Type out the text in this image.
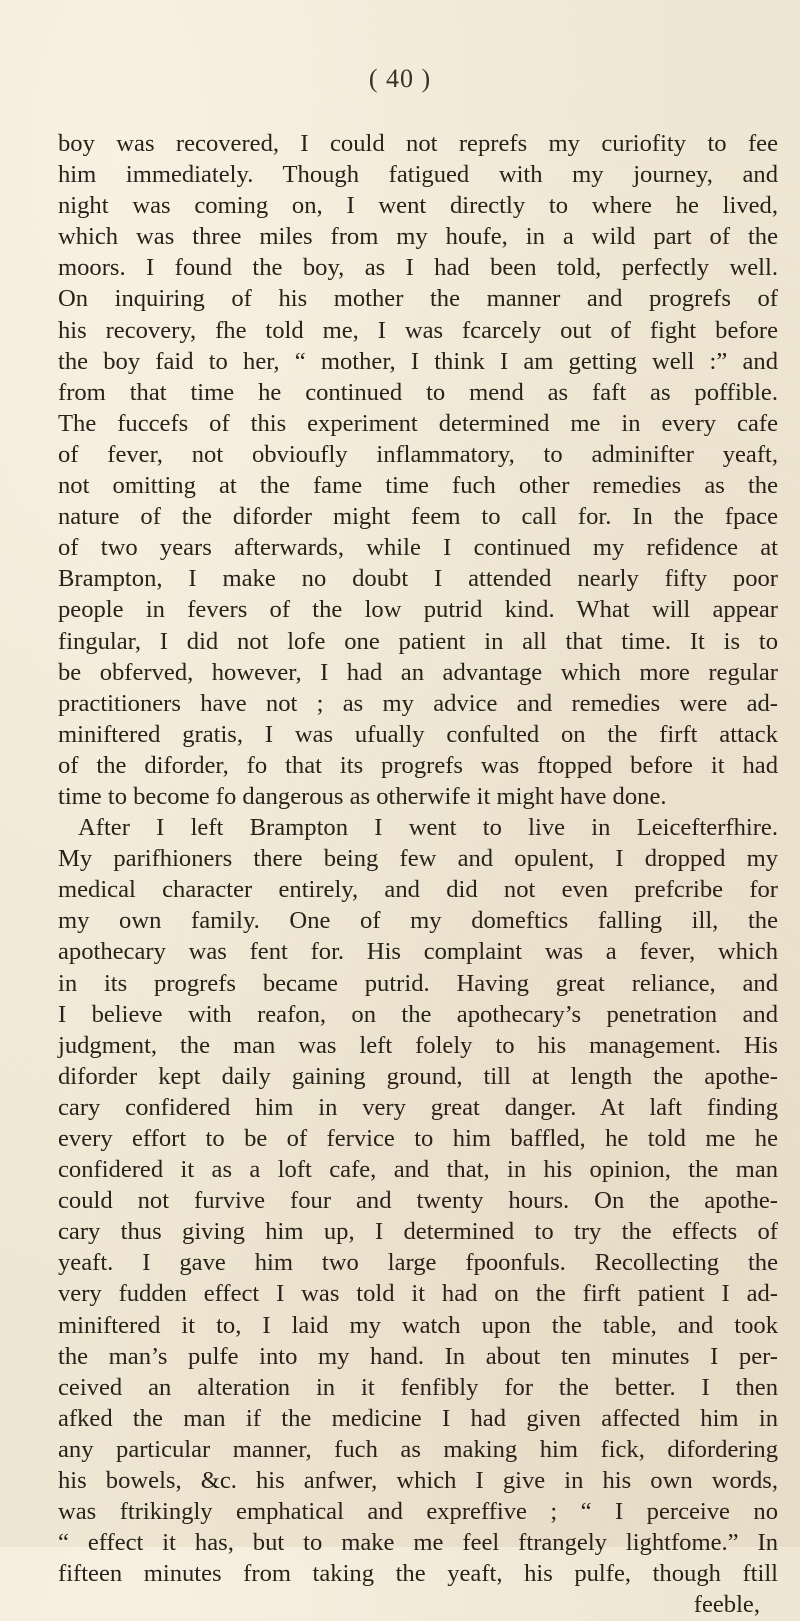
( 40 )
boy was recovered, I could not reprefs my curiofity to fee
him immediately. Though fatigued with my journey, and
night was coming on, I went directly to where he lived,
which was three miles from my houfe, in a wild part of the
moors. I found the boy, as I had been told, perfectly well.
On inquiring of his mother the manner and progrefs of
his recovery, fhe told me, I was fcarcely out of fight before
the boy faid to her, “ mother, I think I am getting well :” and
from that time he continued to mend as faft as poffible.
The fuccefs of this experiment determined me in every cafe
of fever, not obvioufly inflammatory, to adminifter yeaft,
not omitting at the fame time fuch other remedies as the
nature of the diforder might feem to call for. In the fpace
of two years afterwards, while I continued my refidence at
Brampton, I make no doubt I attended nearly fifty poor
people in fevers of the low putrid kind. What will appear
fingular, I did not lofe one patient in all that time. It is to
be obferved, however, I had an advantage which more regular
practitioners have not ; as my advice and remedies were ad-
miniftered gratis, I was ufually confulted on the firft attack
of the diforder, fo that its progrefs was ftopped before it had
time to become fo dangerous as otherwife it might have done.
After I left Brampton I went to live in Leicefterfhire.
My parifhioners there being few and opulent, I dropped my
medical character entirely, and did not even prefcribe for
my own family. One of my domeftics falling ill, the
apothecary was fent for. His complaint was a fever, which
in its progrefs became putrid. Having great reliance, and
I believe with reafon, on the apothecary’s penetration and
judgment, the man was left folely to his management. His
diforder kept daily gaining ground, till at length the apothe-
cary confidered him in very great danger. At laft finding
every effort to be of fervice to him baffled, he told me he
confidered it as a loft cafe, and that, in his opinion, the man
could not furvive four and twenty hours. On the apothe-
cary thus giving him up, I determined to try the effects of
yeaft. I gave him two large fpoonfuls. Recollecting the
very fudden effect I was told it had on the firft patient I ad-
miniftered it to, I laid my watch upon the table, and took
the man’s pulfe into my hand. In about ten minutes I per-
ceived an alteration in it fenfibly for the better. I then
afked the man if the medicine I had given affected him in
any particular manner, fuch as making him fick, difordering
his bowels, &c. his anfwer, which I give in his own words,
was ftrikingly emphatical and expreffive ; “ I perceive no
“ effect it has, but to make me feel ftrangely lightfome.” In
fifteen minutes from taking the yeaft, his pulfe, though ftill
feeble,
